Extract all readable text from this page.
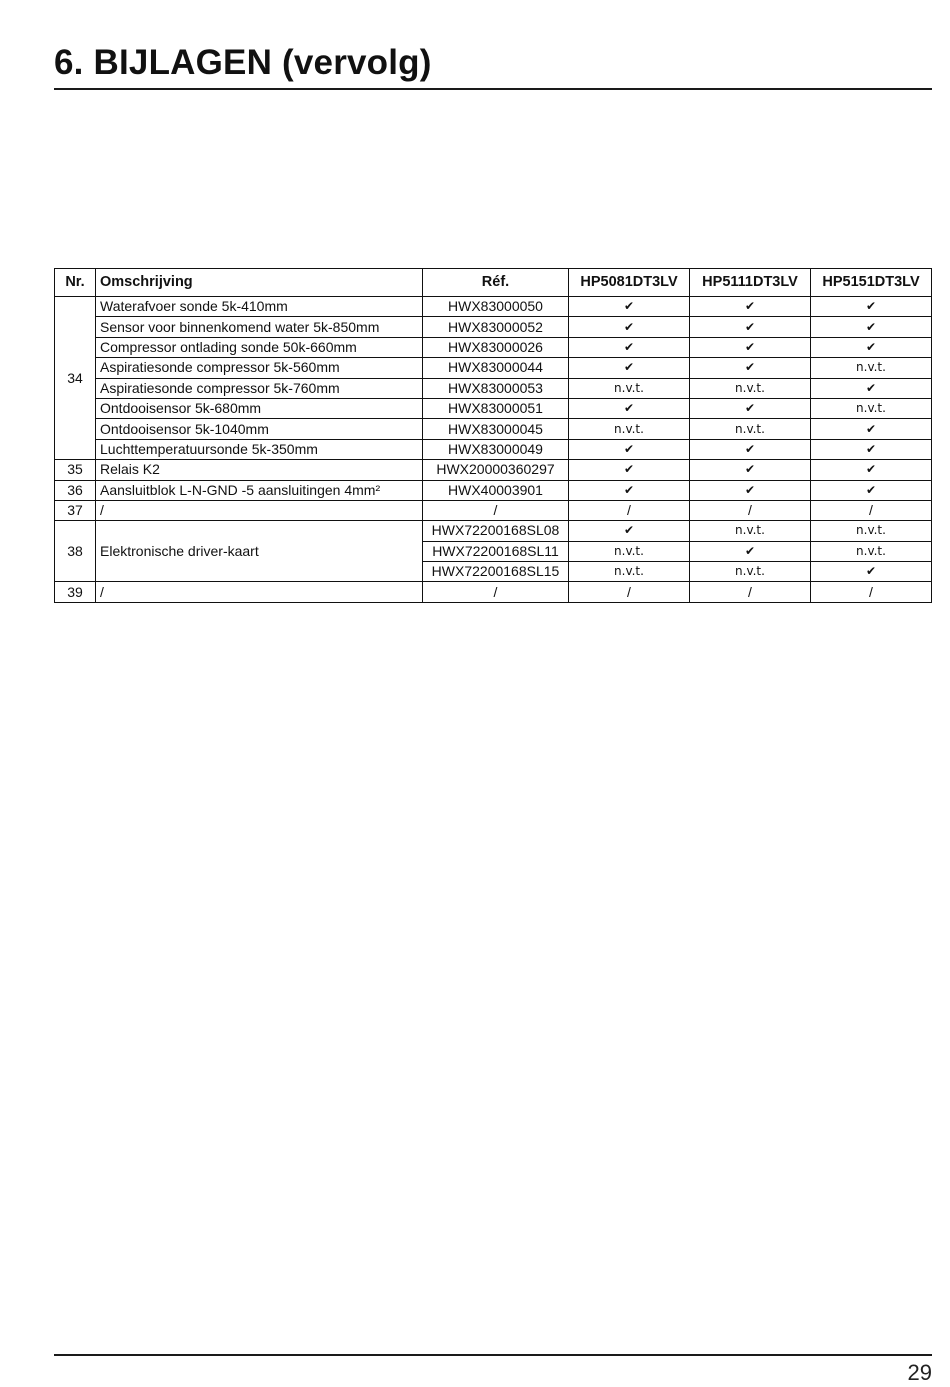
6. BIJLAGEN (vervolg)
Nr.	Omschrijving	Réf.	HP5081DT3LV	HP5111DT3LV	HP5151DT3LV
34	Waterafvoer sonde 5k-410mm	HWX83000050	✔	✔	✔
	Sensor voor binnenkomend water 5k-850mm	HWX83000052	✔	✔	✔
	Compressor ontlading sonde 50k-660mm	HWX83000026	✔	✔	✔
	Aspiratiesonde compressor 5k-560mm	HWX83000044	✔	✔	n.v.t.
	Aspiratiesonde compressor 5k-760mm	HWX83000053	n.v.t.	n.v.t.	✔
	Ontdooisensor 5k-680mm	HWX83000051	✔	✔	n.v.t.
	Ontdooisensor 5k-1040mm	HWX83000045	n.v.t.	n.v.t.	✔
	Luchttemperatuursonde 5k-350mm	HWX83000049	✔	✔	✔
35	Relais K2	HWX20000360297	✔	✔	✔
36	Aansluitblok L-N-GND -5 aansluitingen 4mm²	HWX40003901	✔	✔	✔
37	/	/	/	/	/
38	Elektronische driver-kaart	HWX72200168SL08	✔	n.v.t.	n.v.t.
		HWX72200168SL11	n.v.t.	✔	n.v.t.
		HWX72200168SL15	n.v.t.	n.v.t.	✔
39	/	/	/	/	/
29
